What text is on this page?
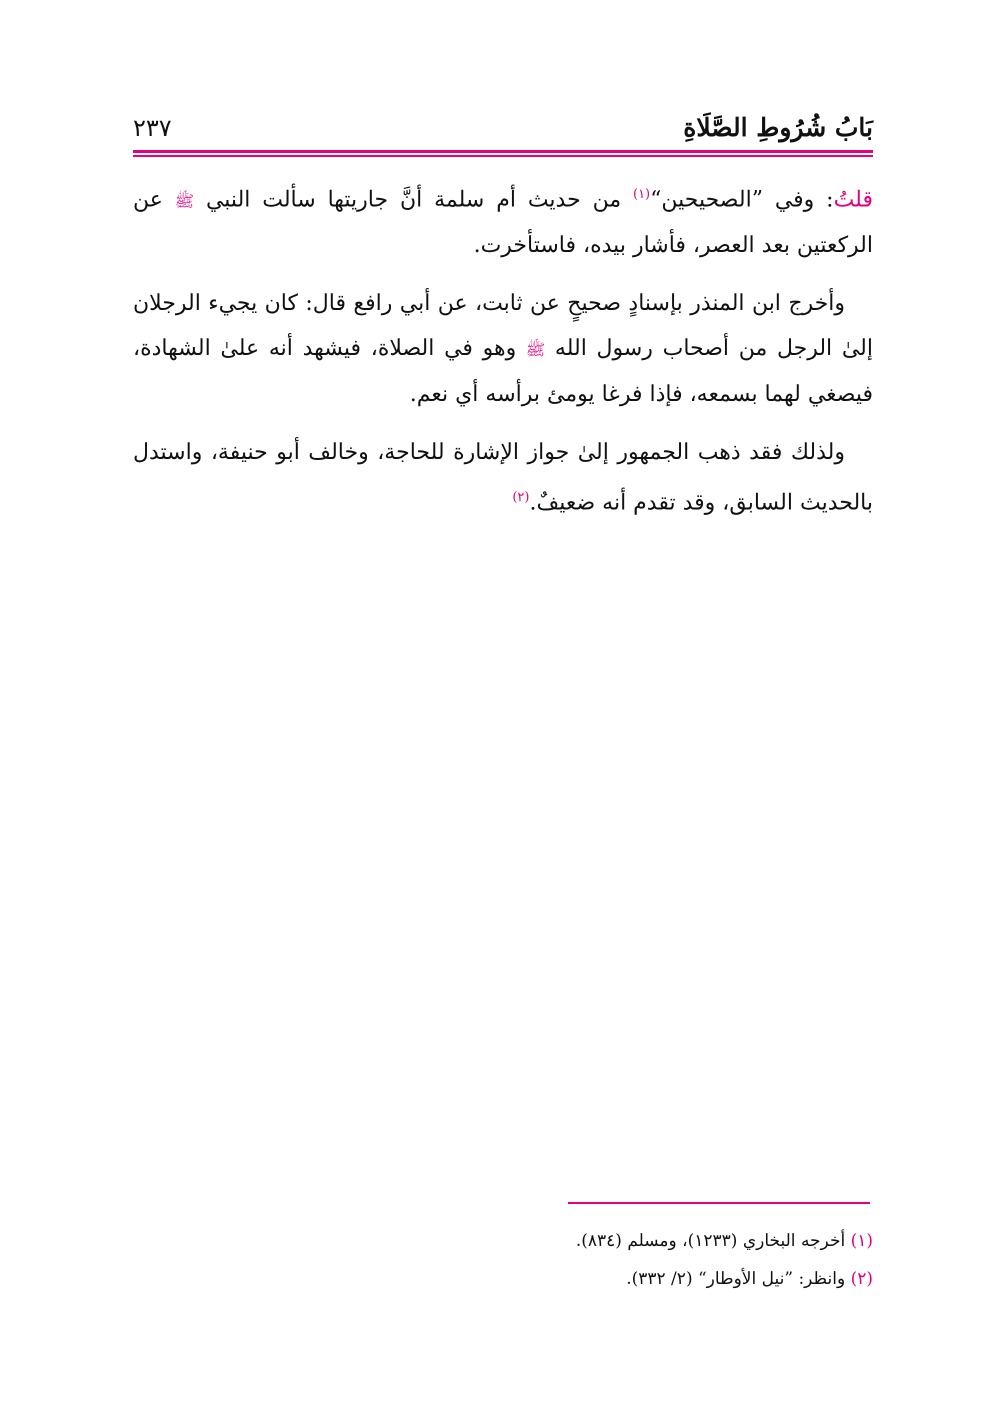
بَابُ شُرُوطِ الصَّلَاةِ
٢٣٧

قلتُ: وفي ”الصحيحين“$^{(١)}$ من حديث أم سلمة أنَّ جاريتها سألت النبي ﷺ عن الركعتين بعد العصر، فأشار بيده، فاستأخرت.

وأخرج ابن المنذر بإسنادٍ صحيحٍ عن ثابت، عن أبي رافع قال: كان يجيء الرجلان إلىٰ الرجل من أصحاب رسول الله ﷺ وهو في الصلاة، فيشهد أنه علىٰ الشهادة، فيصغي لهما بسمعه، فإذا فرغا يومئ برأسه أي نعم.

ولذلك فقد ذهب الجمهور إلىٰ جواز الإشارة للحاجة، وخالف أبو حنيفة، واستدل بالحديث السابق، وقد تقدم أنه ضعيفٌ.$^{(٢)}$

(١) أخرجه البخاري (١٢٣٣)، ومسلم (٨٣٤).

(٢) وانظر: ”نيل الأوطار“ (٢/ ٣٣٢).
